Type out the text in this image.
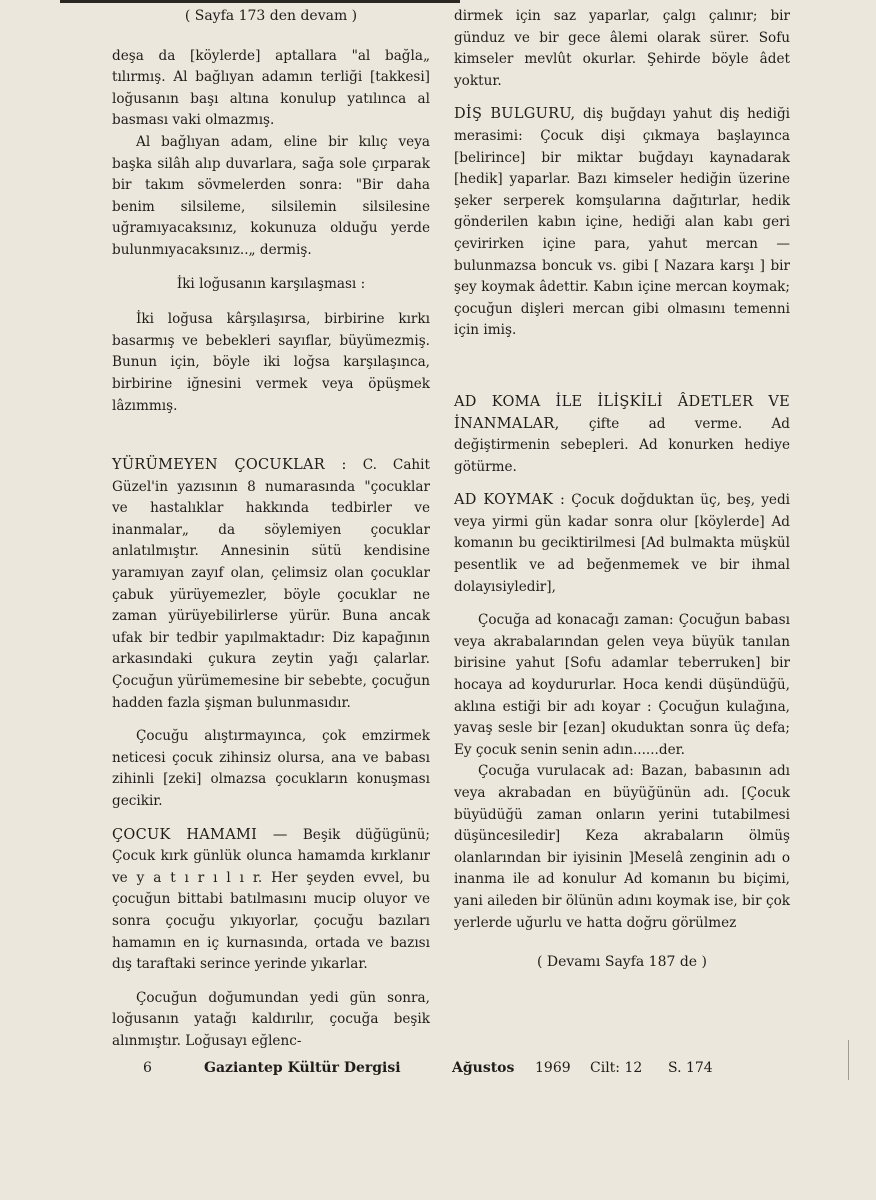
( Sayfa 173 den devam )

deşa da [köylerde] aptallara "al bağla„ tılırmış. Al bağlıyan adamın terliği [takkesi] loğusanın başı altına konulup yatılınca al basması vaki olmazmış.

Al bağlıyan adam, eline bir kılıç veya başka silâh alıp duvarlara, sağa sole çırparak bir takım sövmelerden sonra: "Bir daha benim silsileme, silsilemin silsilesine uğramıyacaksınız, kokunuza olduğu yerde bulunmıyacaksınız..„ dermiş.

İki loğusanın karşılaşması :

İki loğusa kârşılaşırsa, birbirine kırkı basarmış ve bebekleri sayıflar, büyümezmiş. Bunun için, böyle iki loğsa karşılaşınca, birbirine iğnesini vermek veya öpüşmek lâzımmış.

YÜRÜMEYEN ÇOCUKLAR : C. Cahit Güzel'in yazısının 8 numarasında "çocuklar ve hastalıklar hakkında tedbirler ve inanmalar„ da söylemiyen çocuklar anlatılmıştır. Annesinin sütü kendisine yaramıyan zayıf olan, çelimsiz olan çocuklar çabuk yürüyemezler, böyle çocuklar ne zaman yürüyebilirlerse yürür. Buna ancak ufak bir tedbir yapılmaktadır: Diz kapağının arkasındaki çukura zeytin yağı çalarlar. Çocuğun yürümemesine bir sebebte, çocuğun hadden fazla şişman bulunmasıdır.

Çocuğu alıştırmayınca, çok emzirmek neticesi çocuk zihinsiz olursa, ana ve babası zihinli [zeki] olmazsa çocukların konuşması gecikir.

ÇOCUK HAMAMI — Beşik düğügünü; Çocuk kırk günlük olunca hamamda kırklanır ve y a t ı r ı l ı r. Her şeyden evvel, bu çocuğun bittabi batılmasını mucip oluyor ve sonra çocuğu yıkıyorlar, çocuğu bazıları hamamın en iç kurnasında, ortada ve bazısı dış taraftaki serince yerinde yıkarlar.

Çocuğun doğumundan yedi gün sonra, loğusanın yatağı kaldırılır, çocuğa beşik alınmıştır. Loğusayı eğlenc-

dirmek için saz yaparlar, çalgı çalınır; bir günduz ve bir gece âlemi olarak sürer. Sofu kimseler mevlût okurlar. Şehirde böyle âdet yoktur.

DİŞ BULGURU, diş buğdayı yahut diş hediği merasimi: Çocuk dişi çıkmaya başlayınca [belirince] bir miktar buğdayı kaynadarak [hedik] yaparlar. Bazı kimseler hediğin üzerine şeker serperek komşularına dağıtırlar, hedik gönderilen kabın içine, hediği alan kabı geri çevirirken içine para, yahut mercan — bulunmazsa boncuk vs. gibi [ Nazara karşı ] bir şey koymak âdettir. Kabın içine mercan koymak; çocuğun dişleri mercan gibi olmasını temenni için imiş.

AD KOMA İLE İLİŞKİLİ ÂDETLER VE İNANMALAR, çifte ad verme. Ad değiştirmenin sebepleri. Ad konurken hediye götürme.

AD KOYMAK : Çocuk doğduktan üç, beş, yedi veya yirmi gün kadar sonra olur [köylerde] Ad komanın bu geciktirilmesi [Ad bulmakta müşkül pesentlik ve ad beğenmemek ve bir ihmal dolayısiyledir],

Çocuğa ad konacağı zaman: Çocuğun babası veya akrabalarından gelen veya büyük tanılan birisine yahut [Sofu adamlar teberruken] bir hocaya ad koydururlar. Hoca kendi düşündüğü, aklına estiği bir adı koyar : Çocuğun kulağına, yavaş sesle bir [ezan] okuduktan sonra üç defa; Ey çocuk senin senin adın......der.

Çocuğa vurulacak ad: Bazan, babasının adı veya akrabadan en büyüğünün adı. [Çocuk büyüdüğü zaman onların yerini tutabilmesi düşüncesiledir] Keza akrabaların ölmüş olanlarından bir iyisinin ]Meselâ zenginin adı o inanma ile ad konulur Ad komanın bu biçimi, yani aileden bir ölünün adını koymak ise, bir çok yerlerde uğurlu ve hatta doğru görülmez

( Devamı Sayfa 187 de )
6	Gaziantep Kültür Dergisi	Ağustos 1969 Cilt: 12 S. 174
